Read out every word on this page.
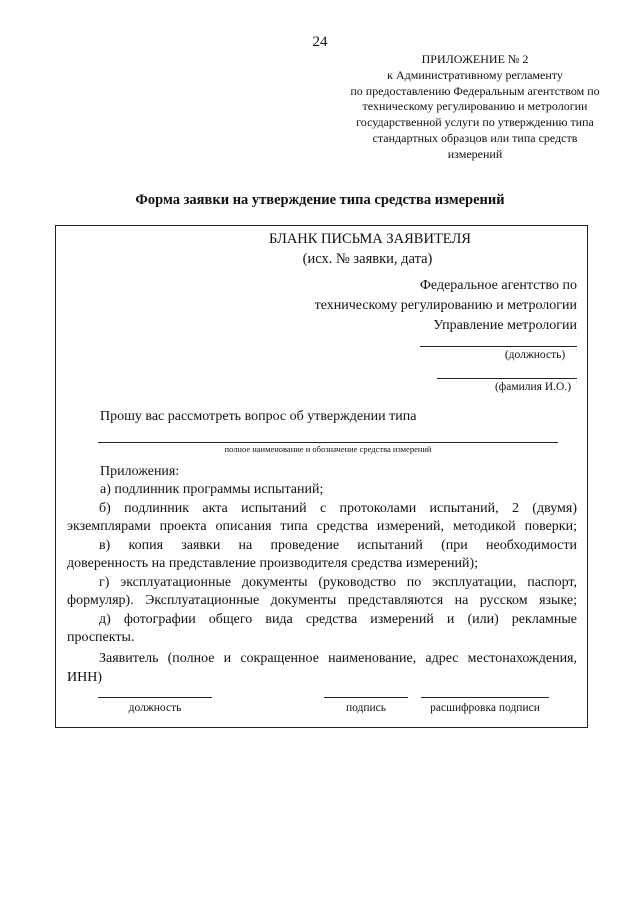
24
ПРИЛОЖЕНИЕ № 2
к Административному регламенту
по предоставлению Федеральным агентством по
техническому регулированию и метрологии
государственной услуги по утверждению типа
стандартных образцов или типа средств
измерений
Форма заявки на утверждение типа средства измерений
БЛАНК ПИСЬМА ЗАЯВИТЕЛЯ
(исх. № заявки, дата)
Федеральное агентство по
техническому регулированию и метрологии
Управление метрологии
(должность)
(фамилия И.О.)
Прошу вас рассмотреть вопрос об утверждении типа
полное наименование и обозначение средства измерений
Приложения:
а) подлинник программы испытаний;
б) подлинник акта испытаний с протоколами испытаний, 2 (двумя)
экземплярами проекта описания типа средства измерений, методикой поверки;
в) копия заявки на проведение испытаний (при необходимости
доверенность на представление производителя средства измерений);
г) эксплуатационные документы (руководство по эксплуатации, паспорт,
формуляр). Эксплуатационные документы представляются на русском языке;
д) фотографии общего вида средства измерений и (или) рекламные
проспекты.
Заявитель (полное и сокращенное наименование, адрес местонахождения,
ИНН)
должность	подпись	расшифровка подписи
